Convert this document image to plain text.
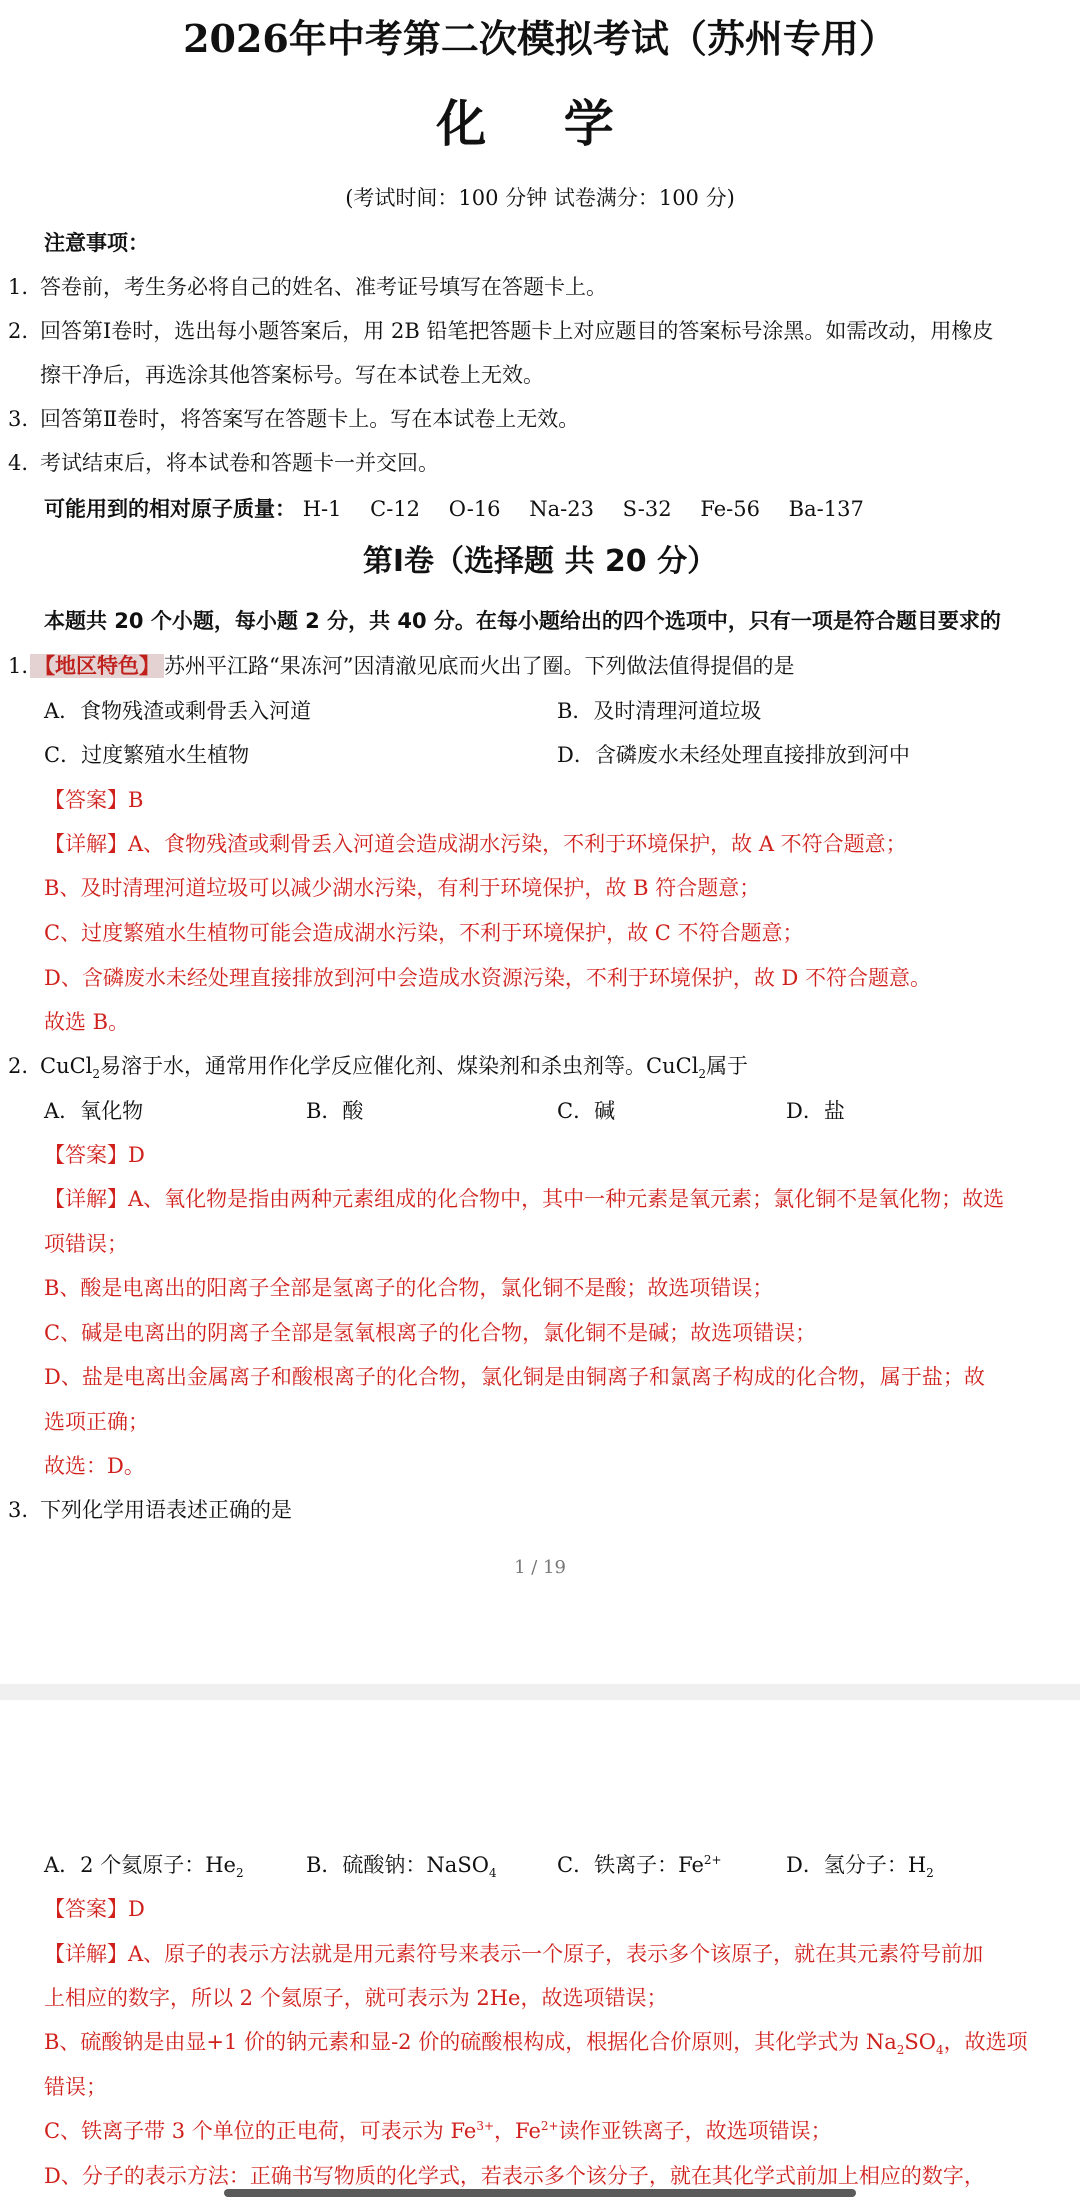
2026年中考第二次模拟考试（苏州专用）
化 学
(考试时间：100 分钟 试卷满分：100 分)
注意事项：
1. 答卷前，考生务必将自己的姓名、准考证号填写在答题卡上。
2. 回答第Ⅰ卷时，选出每小题答案后，用 2B 铅笔把答题卡上对应题目的答案标号涂黑。如需改动，用橡皮
擦干净后，再选涂其他答案标号。写在本试卷上无效。
3. 回答第Ⅱ卷时，将答案写在答题卡上。写在本试卷上无效。
4. 考试结束后，将本试卷和答题卡一并交回。
可能用到的相对原子质量： H-1 C-12 O-16 Na-23 S-32 Fe-56 Ba-137
第Ⅰ卷（选择题 共 20 分）
本题共 20 个小题，每小题 2 分，共 40 分。在每小题给出的四个选项中，只有一项是符合题目要求的
1. 【地区特色】 苏州平江路“果冻河”因清澈见底而火出了圈。下列做法值得提倡的是
A．食物残渣或剩骨丢入河道	B．及时清理河道垃圾
C．过度繁殖水生植物	D．含磷废水未经处理直接排放到河中
【答案】B
【详解】A、食物残渣或剩骨丢入河道会造成湖水污染，不利于环境保护，故 A 不符合题意；
B、及时清理河道垃圾可以减少湖水污染，有利于环境保护，故 B 符合题意；
C、过度繁殖水生植物可能会造成湖水污染，不利于环境保护，故 C 不符合题意；
D、含磷废水未经处理直接排放到河中会造成水资源污染，不利于环境保护，故 D 不符合题意。
故选 B。
2. CuCl$_2$易溶于水，通常用作化学反应催化剂、煤染剂和杀虫剂等。CuCl$_2$属于
A．氧化物	B．酸	C．碱	D．盐
【答案】D
【详解】A、氧化物是指由两种元素组成的化合物中，其中一种元素是氧元素；氯化铜不是氧化物；故选
项错误；
B、酸是电离出的阳离子全部是氢离子的化合物，氯化铜不是酸；故选项错误；
C、碱是电离出的阴离子全部是氢氧根离子的化合物，氯化铜不是碱；故选项错误；
D、盐是电离出金属离子和酸根离子的化合物，氯化铜是由铜离子和氯离子构成的化合物，属于盐；故
选项正确；
故选：D。
3. 下列化学用语表述正确的是
1 / 19
A．2 个氦原子：$He_2$	B．硫酸钠：NaSO$_4$	C．铁离子：$Fe^{2+}$	D．氢分子：$H_2$
【答案】D
【详解】A、原子的表示方法就是用元素符号来表示一个原子，表示多个该原子，就在其元素符号前加
上相应的数字，所以 2 个氦原子，就可表示为 2He，故选项错误；
B、硫酸钠是由显+1 价的钠元素和显-2 价的硫酸根构成，根据化合价原则，其化学式为 $Na_2SO_4$，故选项
错误；
C、铁离子带 3 个单位的正电荷，可表示为 $Fe^{3+}$，$Fe^{2+}$读作亚铁离子，故选项错误；
D、分子的表示方法：正确书写物质的化学式，若表示多个该分子，就在其化学式前加上相应的数字，
